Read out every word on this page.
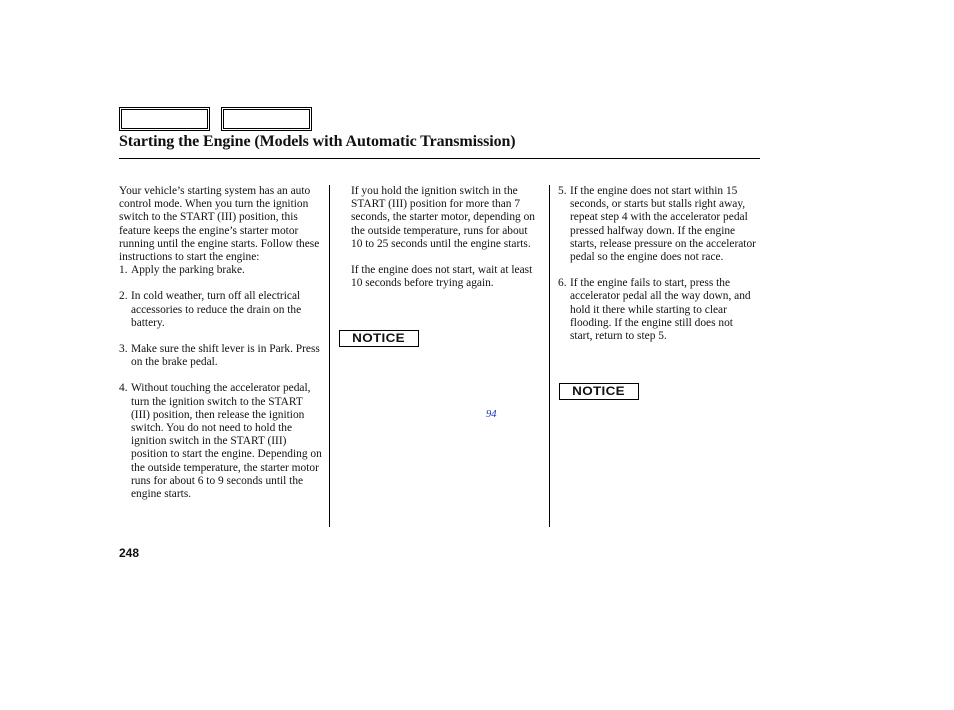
Starting the Engine (Models with Automatic Transmission)

Your vehicle’s starting system has an auto control mode. When you turn the ignition switch to the START (III) position, this feature keeps the engine’s starter motor running until the engine starts. Follow these instructions to start the engine:

1. Apply the parking brake.

2. In cold weather, turn off all electrical accessories to reduce the drain on the battery.

3. Make sure the shift lever is in Park. Press on the brake pedal.

4. Without touching the accelerator pedal, turn the ignition switch to the START (III) position, then release the ignition switch. You do not need to hold the ignition switch in the START (III) position to start the engine. Depending on the outside temperature, the starter motor runs for about 6 to 9 seconds until the engine starts.

If you hold the ignition switch in the START (III) position for more than 7 seconds, the starter motor, depending on the outside temperature, runs for about 10 to 25 seconds until the engine starts.

If the engine does not start, wait at least 10 seconds before trying again.

NOTICE
94
5. If the engine does not start within 15 seconds, or starts but stalls right away, repeat step 4 with the accelerator pedal pressed halfway down. If the engine starts, release pressure on the accelerator pedal so the engine does not race.

6. If the engine fails to start, press the accelerator pedal all the way down, and hold it there while starting to clear flooding. If the engine still does not start, return to step 5.

NOTICE
248
